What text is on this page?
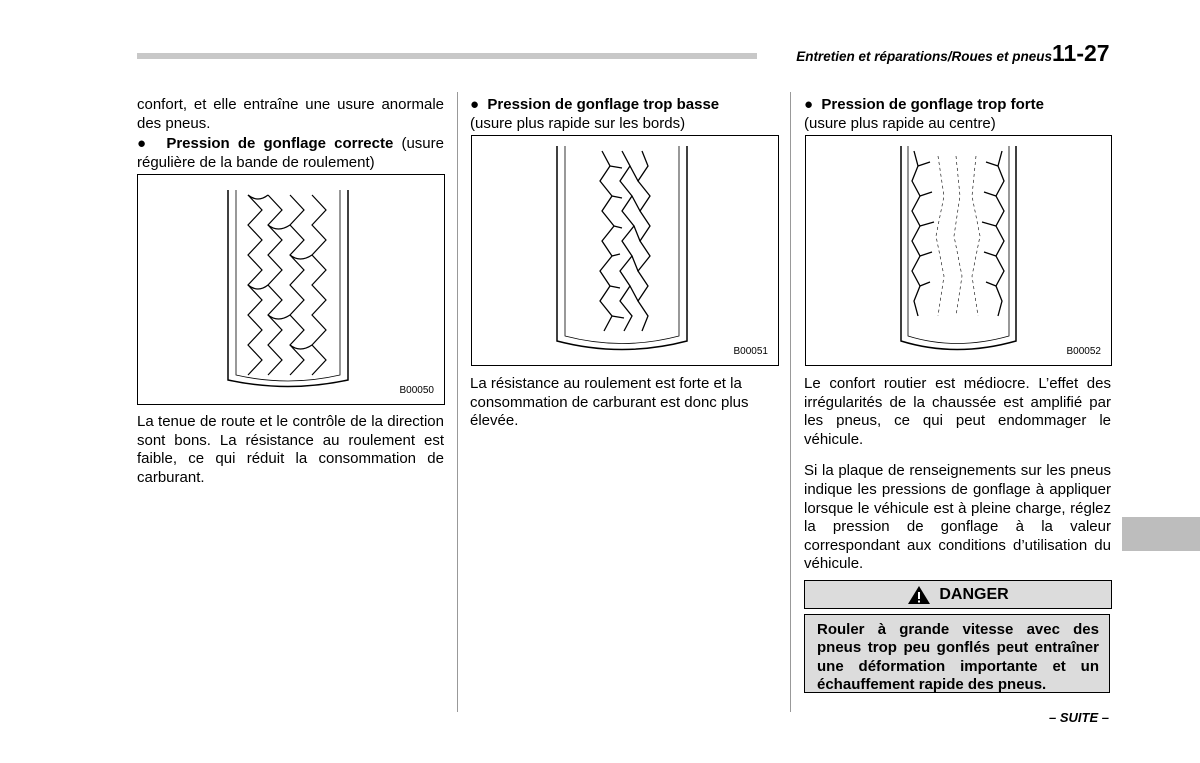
Entretien et réparations/Roues et pneus 11-27

confort, et elle entraîne une usure anormale des pneus.

●  Pression de gonflage correcte (usure régulière de la bande de roulement)

B00050
La tenue de route et le contrôle de la direction sont bons. La résistance au roulement est faible, ce qui réduit la consommation de carburant.

●  Pression de gonflage trop basse

(usure plus rapide sur les bords)

B00051
La résistance au roulement est forte et la consommation de carburant est donc plus élevée.

●  Pression de gonflage trop forte

(usure plus rapide au centre)

B00052

Le confort routier est médiocre. L’effet des irrégularités de la chaussée est amplifié par les pneus, ce qui peut endommager le véhicule.

Si la plaque de renseignements sur les pneus indique les pressions de gonflage à appliquer lorsque le véhicule est à pleine charge, réglez la pression de gonflage à la valeur correspondant aux conditions d’utilisation du véhicule.

DANGER
Rouler à grande vitesse avec des pneus trop peu gonflés peut entraîner une déformation importante et un échauffement rapide des pneus.
– SUITE –
